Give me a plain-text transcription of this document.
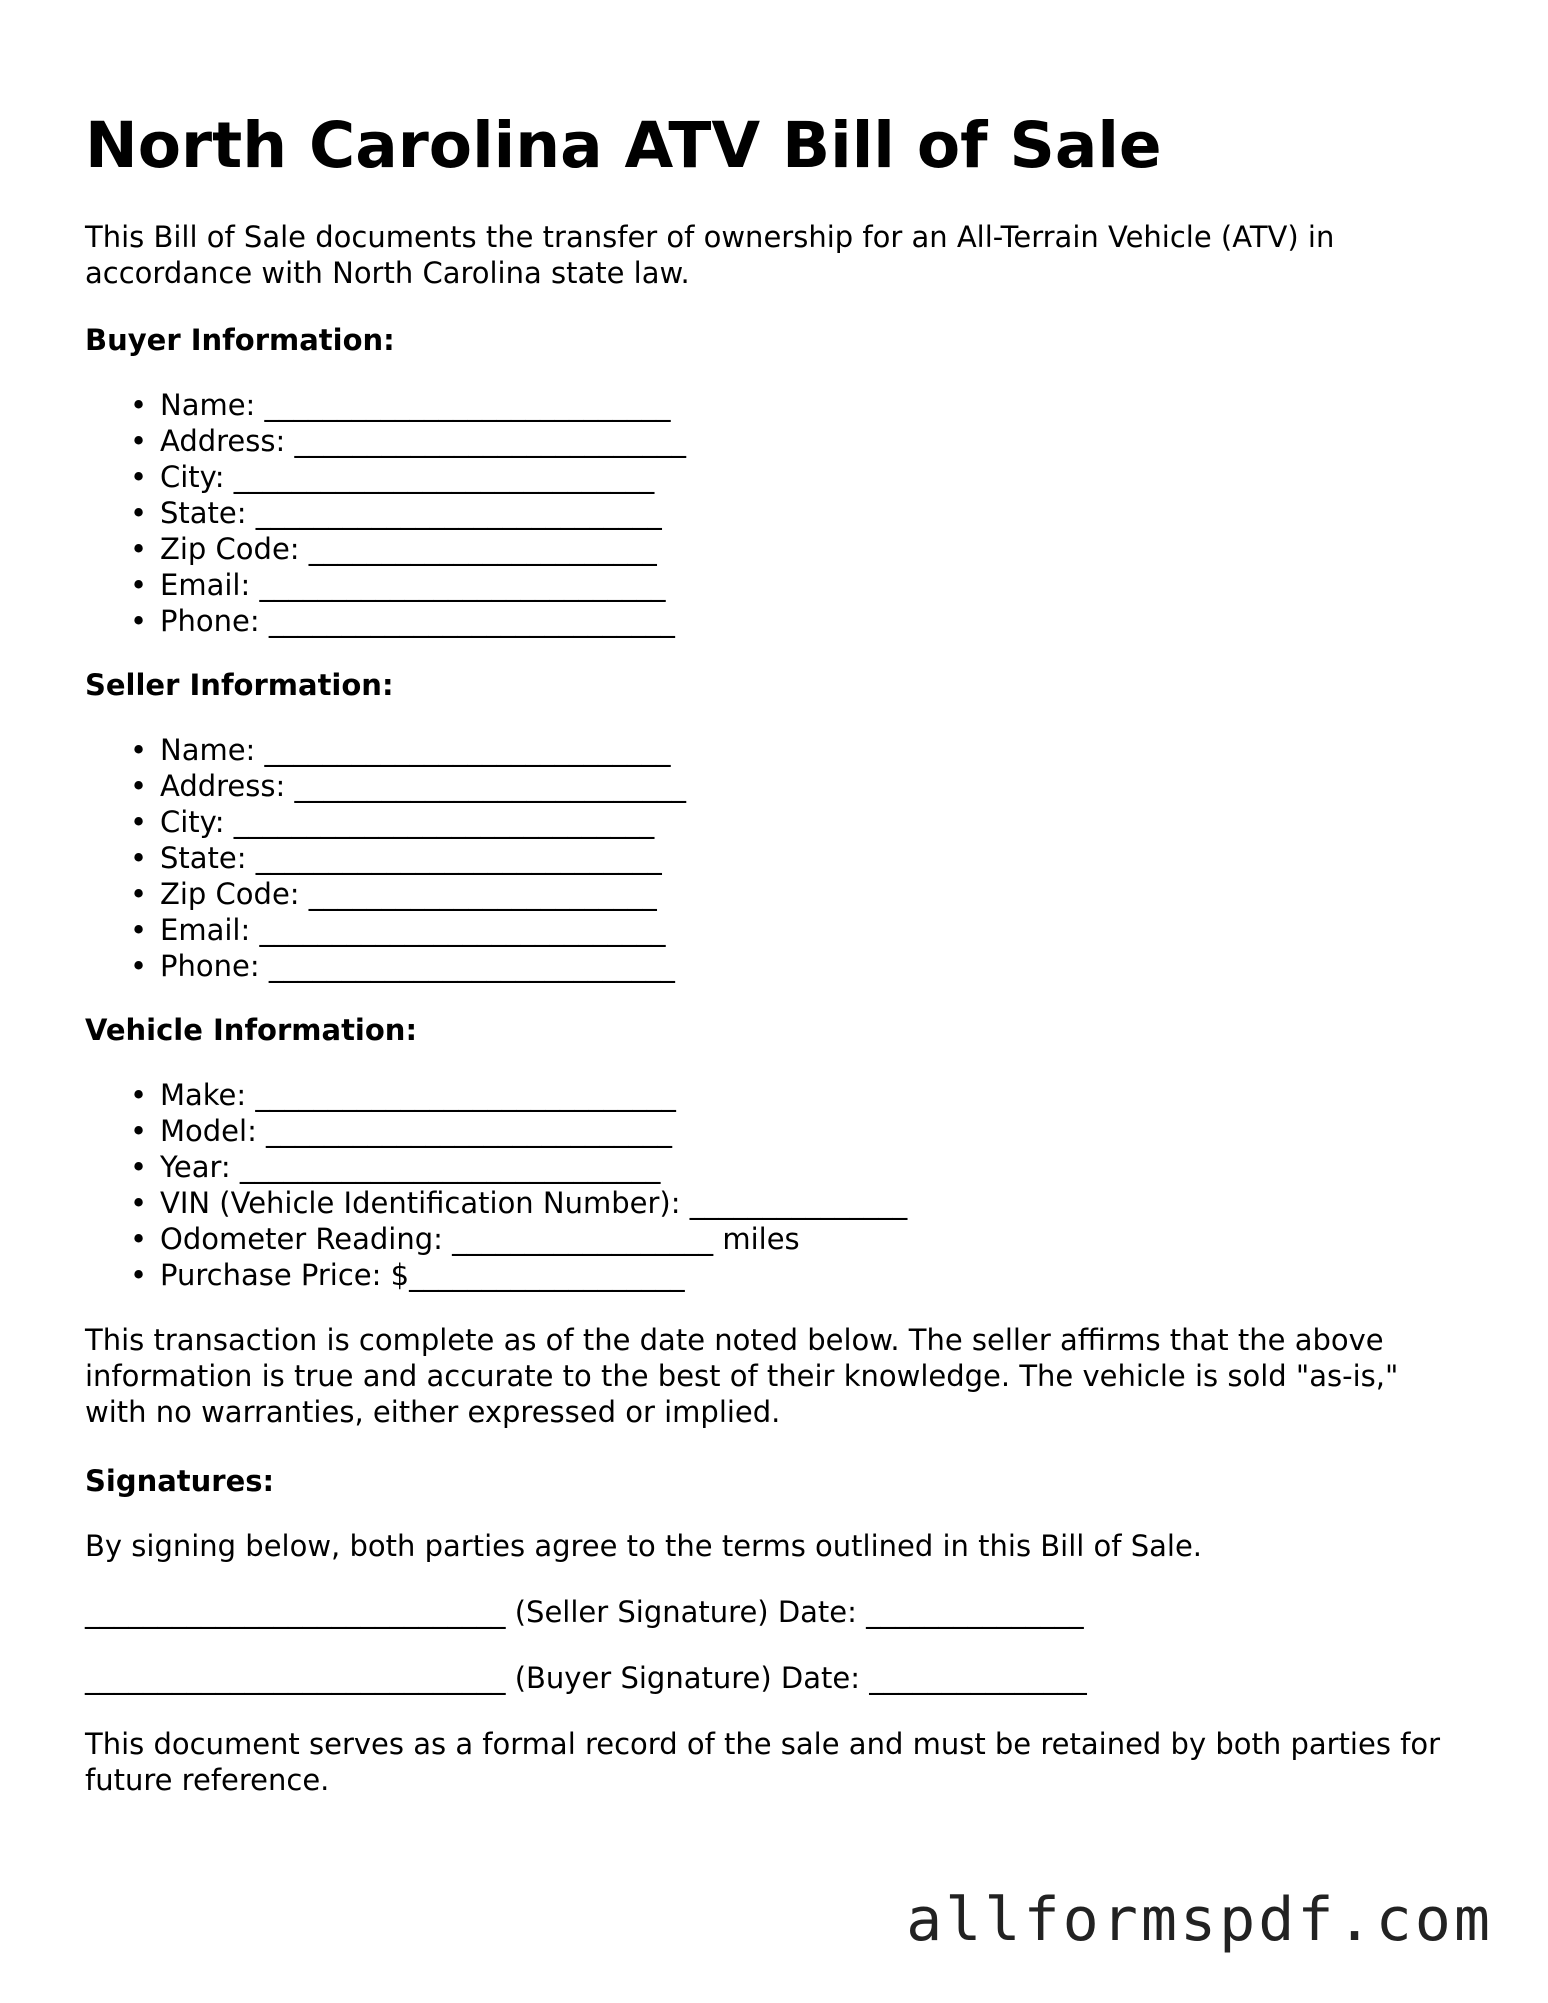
North Carolina ATV Bill of Sale

This Bill of Sale documents the transfer of ownership for an All-Terrain Vehicle (ATV) in accordance with North Carolina state law.

Buyer Information:
• Name: ____________________________
• Address: ___________________________
• City: _____________________________
• State: ____________________________
• Zip Code: ________________________
• Email: ____________________________
• Phone: ____________________________
Seller Information:
• Name: ____________________________
• Address: ___________________________
• City: _____________________________
• State: ____________________________
• Zip Code: ________________________
• Email: ____________________________
• Phone: ____________________________
Vehicle Information:
• Make: _____________________________
• Model: ____________________________
• Year: _____________________________
• VIN (Vehicle Identification Number): _______________
• Odometer Reading: __________________ miles
• Purchase Price: $___________________

This transaction is complete as of the date noted below. The seller affirms that the above information is true and accurate to the best of their knowledge. The vehicle is sold "as-is," with no warranties, either expressed or implied.

Signatures:

By signing below, both parties agree to the terms outlined in this Bill of Sale.

_____________________________ (Seller Signature) Date: _______________
_____________________________ (Buyer Signature) Date: _______________

This document serves as a formal record of the sale and must be retained by both parties for future reference.

allformspdf.com
